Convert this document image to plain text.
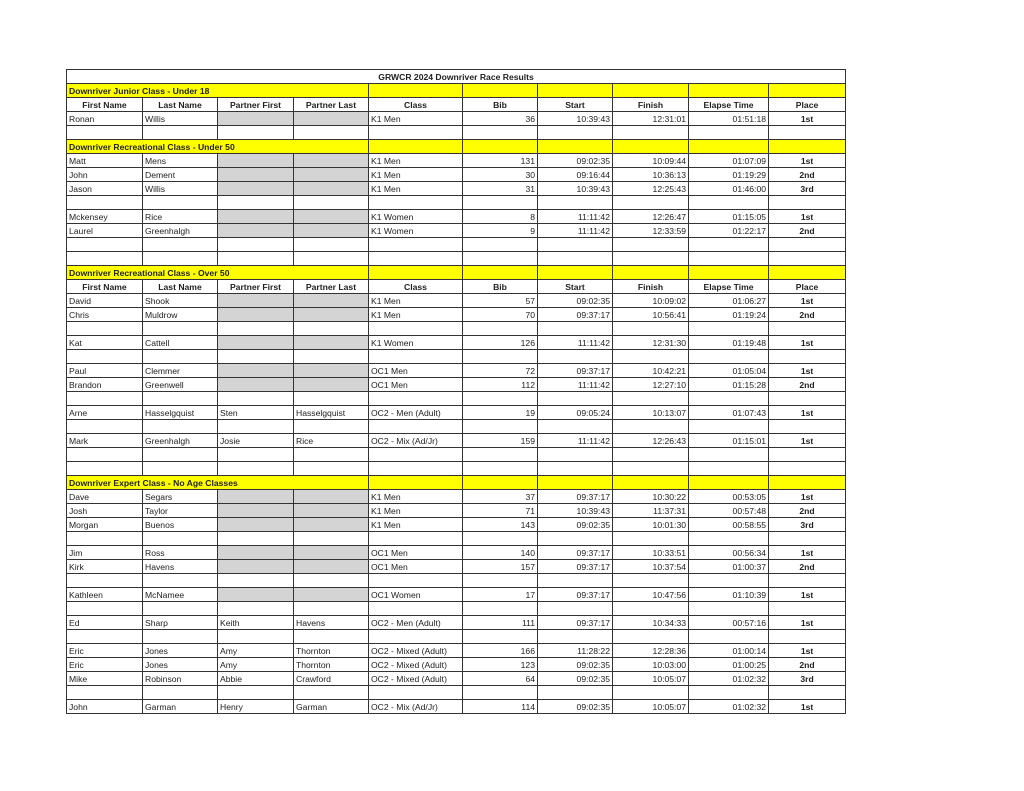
GRWCR 2024 Downriver Race Results									
Downriver Junior Class - Under 18									
First Name	Last Name	Partner First	Partner Last	Class	Bib	Start	Finish	Elapse Time	Place
Ronan	Willis			K1 Men	36	10:39:43	12:31:01	01:51:18	1st

Downriver Recreational Class - Under 50									
Matt	Mens			K1 Men	131	09:02:35	10:09:44	01:07:09	1st
John	Dement			K1 Men	30	09:16:44	10:36:13	01:19:29	2nd
Jason	Willis			K1 Men	31	10:39:43	12:25:43	01:46:00	3rd

Mckensey	Rice			K1 Women	8	11:11:42	12:26:47	01:15:05	1st
Laurel	Greenhalgh			K1 Women	9	11:11:42	12:33:59	01:22:17	2nd

Downriver Recreational Class - Over 50									
First Name	Last Name	Partner First	Partner Last	Class	Bib	Start	Finish	Elapse Time	Place
David	Shook			K1 Men	57	09:02:35	10:09:02	01:06:27	1st
Chris	Muldrow			K1 Men	70	09:37:17	10:56:41	01:19:24	2nd

Kat	Cattell			K1 Women	126	11:11:42	12:31:30	01:19:48	1st

Paul	Clemmer			OC1 Men	72	09:37:17	10:42:21	01:05:04	1st
Brandon	Greenwell			OC1 Men	112	11:11:42	12:27:10	01:15:28	2nd

Arne	Hasselgquist	Sten	Hasselgquist	OC2 - Men (Adult)	19	09:05:24	10:13:07	01:07:43	1st

Mark	Greenhalgh	Josie	Rice	OC2 - Mix (Ad/Jr)	159	11:11:42	12:26:43	01:15:01	1st

Downriver Expert Class - No Age Classes									
Dave	Segars			K1 Men	37	09:37:17	10:30:22	00:53:05	1st
Josh	Taylor			K1 Men	71	10:39:43	11:37:31	00:57:48	2nd
Morgan	Buenos			K1 Men	143	09:02:35	10:01:30	00:58:55	3rd

Jim	Ross			OC1 Men	140	09:37:17	10:33:51	00:56:34	1st
Kirk	Havens			OC1 Men	157	09:37:17	10:37:54	01:00:37	2nd

Kathleen	McNamee			OC1 Women	17	09:37:17	10:47:56	01:10:39	1st

Ed	Sharp	Keith	Havens	OC2 - Men (Adult)	111	09:37:17	10:34:33	00:57:16	1st

Eric	Jones	Amy	Thornton	OC2 - Mixed (Adult)	166	11:28:22	12:28:36	01:00:14	1st
Eric	Jones	Amy	Thornton	OC2 - Mixed (Adult)	123	09:02:35	10:03:00	01:00:25	2nd
Mike	Robinson	Abbie	Crawford	OC2 - Mixed (Adult)	64	09:02:35	10:05:07	01:02:32	3rd

John	Garman	Henry	Garman	OC2 - Mix (Ad/Jr)	114	09:02:35	10:05:07	01:02:32	1st
